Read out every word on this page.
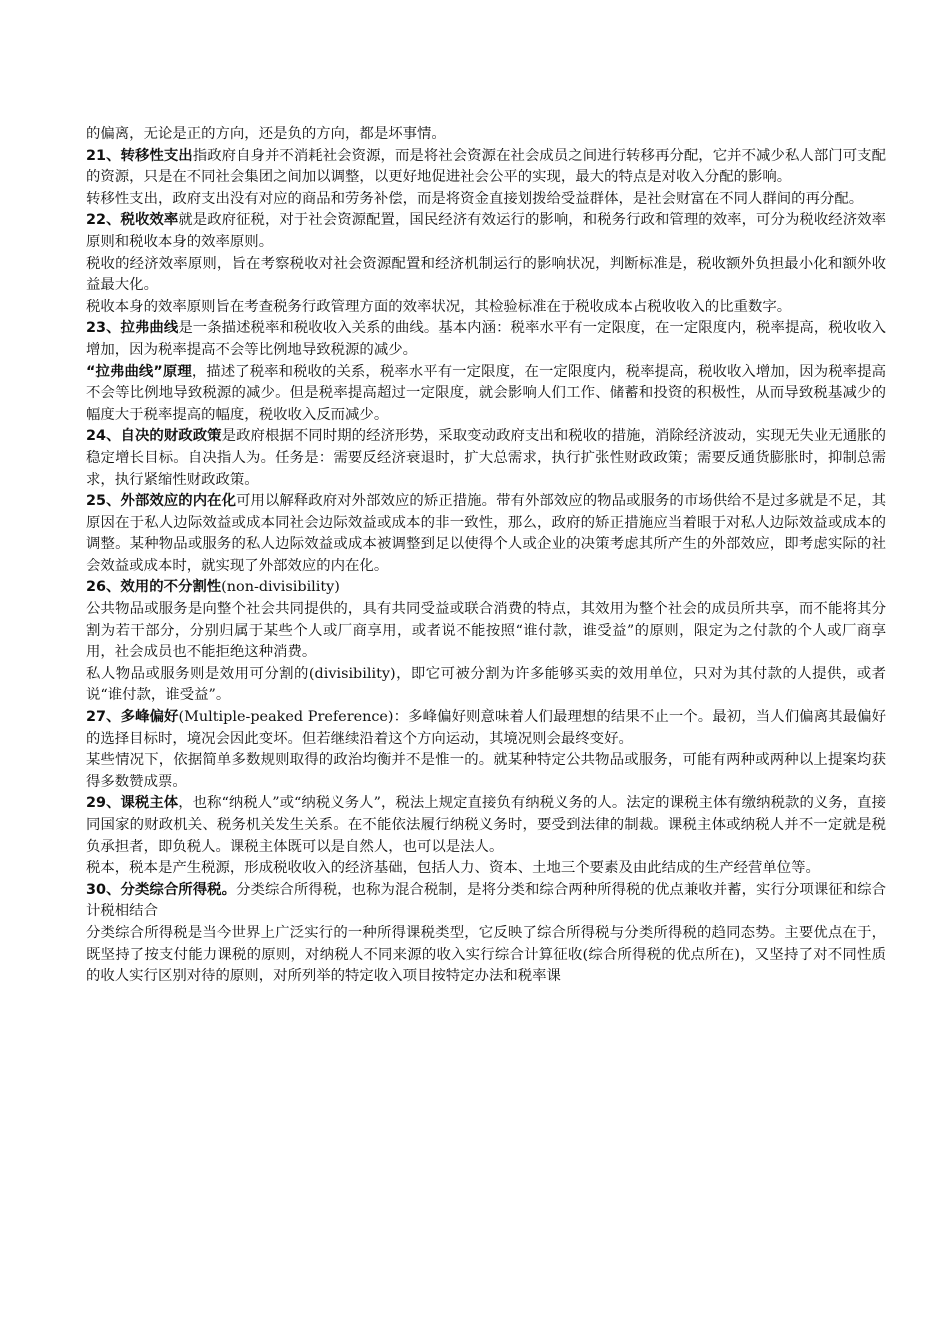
的偏离，无论是正的方向，还是负的方向，都是坏事情。

21、转移性支出指政府自身并不消耗社会资源，而是将社会资源在社会成员之间进行转移再分配，它并不减少私人部门可支配的资源，只是在不同社会集团之间加以调整，以更好地促进社会公平的实现，最大的特点是对收入分配的影响。

转移性支出，政府支出没有对应的商品和劳务补偿，而是将资金直接划拨给受益群体，是社会财富在不同人群间的再分配。

22、税收效率就是政府征税，对于社会资源配置，国民经济有效运行的影响，和税务行政和管理的效率，可分为税收经济效率原则和税收本身的效率原则。

税收的经济效率原则，旨在考察税收对社会资源配置和经济机制运行的影响状况，判断标准是，税收额外负担最小化和额外收益最大化。

税收本身的效率原则旨在考查税务行政管理方面的效率状况，其检验标准在于税收成本占税收收入的比重数字。

23、拉弗曲线是一条描述税率和税收收入关系的曲线。基本内涵：税率水平有一定限度，在一定限度内，税率提高，税收收入增加，因为税率提高不会等比例地导致税源的减少。

“拉弗曲线”原理，描述了税率和税收的关系，税率水平有一定限度，在一定限度内，税率提高，税收收入增加，因为税率提高不会等比例地导致税源的减少。但是税率提高超过一定限度，就会影响人们工作、储蓄和投资的积极性，从而导致税基减少的幅度大于税率提高的幅度，税收收入反而减少。

24、自决的财政政策是政府根据不同时期的经济形势，采取变动政府支出和税收的措施，消除经济波动，实现无失业无通胀的稳定增长目标。自决指人为。任务是：需要反经济衰退时，扩大总需求，执行扩张性财政政策；需要反通货膨胀时，抑制总需求，执行紧缩性财政政策。

25、外部效应的内在化可用以解释政府对外部效应的矫正措施。带有外部效应的物品或服务的市场供给不是过多就是不足，其原因在于私人边际效益或成本同社会边际效益或成本的非一致性，那么，政府的矫正措施应当着眼于对私人边际效益或成本的调整。某种物品或服务的私人边际效益或成本被调整到足以使得个人或企业的决策考虑其所产生的外部效应，即考虑实际的社会效益或成本时，就实现了外部效应的内在化。

26、效用的不分割性(non-divisibility)

公共物品或服务是向整个社会共同提供的，具有共同受益或联合消费的特点，其效用为整个社会的成员所共享，而不能将其分割为若干部分，分别归属于某些个人或厂商享用，或者说不能按照“谁付款，谁受益”的原则，限定为之付款的个人或厂商享用，社会成员也不能拒绝这种消费。

私人物品或服务则是效用可分割的(divisibility)，即它可被分割为许多能够买卖的效用单位，只对为其付款的人提供，或者说“谁付款，谁受益”。

27、多峰偏好(Multiple-peaked Preference)：多峰偏好则意味着人们最理想的结果不止一个。最初，当人们偏离其最偏好的选择目标时，境况会因此变坏。但若继续沿着这个方向运动，其境况则会最终变好。

某些情况下，依据简单多数规则取得的政治均衡并不是惟一的。就某种特定公共物品或服务，可能有两种或两种以上提案均获得多数赞成票。

29、课税主体，也称“纳税人”或“纳税义务人”，税法上规定直接负有纳税义务的人。法定的课税主体有缴纳税款的义务，直接同国家的财政机关、税务机关发生关系。在不能依法履行纳税义务时，要受到法律的制裁。课税主体或纳税人并不一定就是税负承担者，即负税人。课税主体既可以是自然人，也可以是法人。

税本，税本是产生税源，形成税收收入的经济基础，包括人力、资本、土地三个要素及由此结成的生产经营单位等。

30、分类综合所得税。分类综合所得税，也称为混合税制，是将分类和综合两种所得税的优点兼收并蓄，实行分项课征和综合计税相结合

分类综合所得税是当今世界上广泛实行的一种所得课税类型，它反映了综合所得税与分类所得税的趋同态势。主要优点在于，既坚持了按支付能力课税的原则，对纳税人不同来源的收入实行综合计算征收(综合所得税的优点所在)，又坚持了对不同性质的收人实行区别对待的原则，对所列举的特定收入项目按特定办法和税率课
